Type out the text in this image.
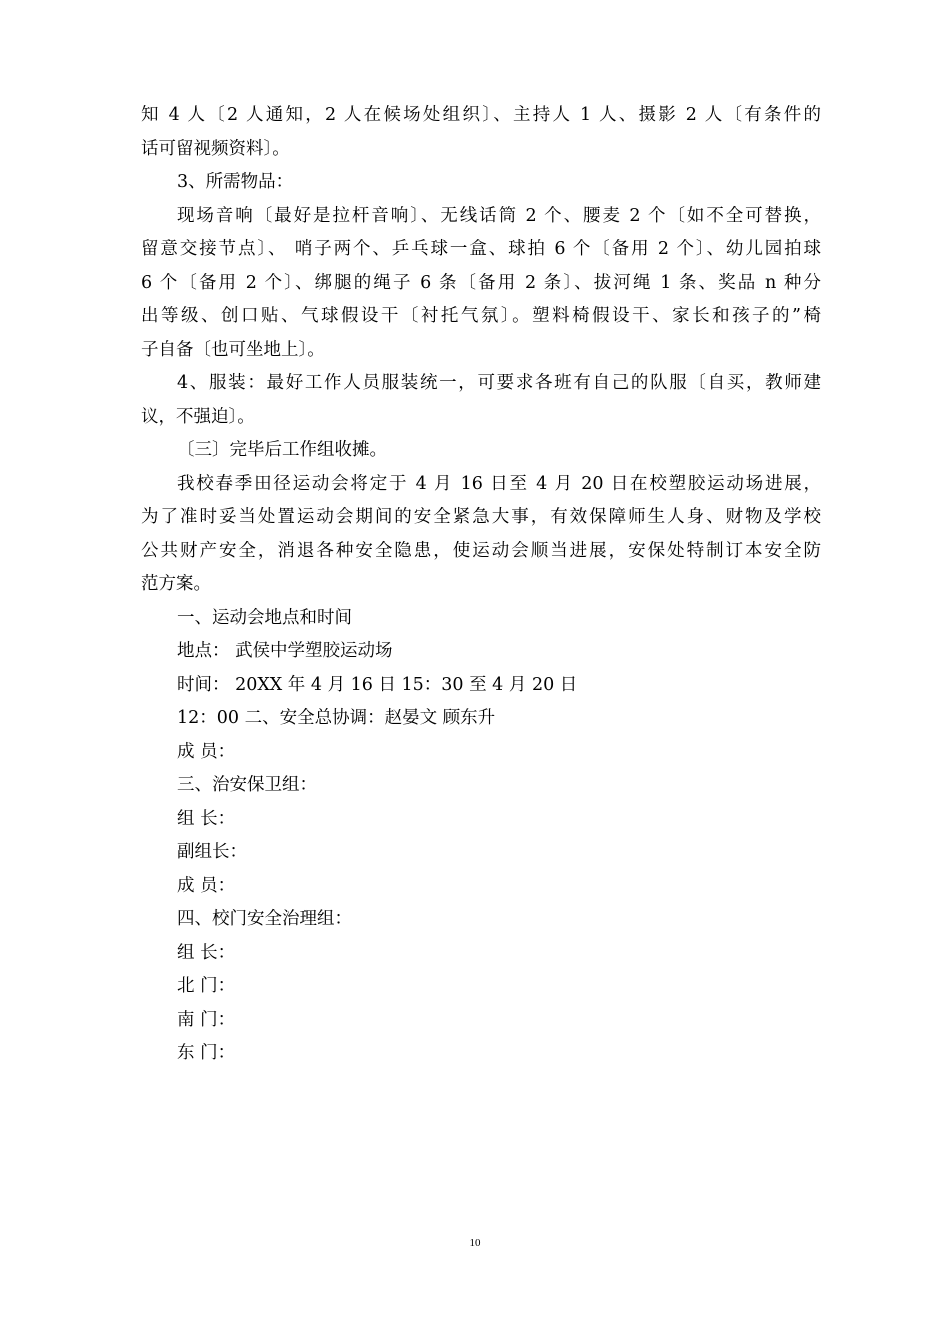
知 4 人〔2 人通知，2 人在候场处组织〕、主持人 1 人、摄影 2 人〔有条件的
话可留视频资料〕。
3、所需物品：
现场音响〔最好是拉杆音响〕、无线话筒 2 个、腰麦 2 个〔如不全可替换，
留意交接节点〕、 哨子两个、乒乓球一盒、球拍 6 个〔备用 2 个〕、幼儿园拍球
6 个〔备用 2 个〕、绑腿的绳子 6 条〔备用 2 条〕、拔河绳 1 条、奖品 n 种分
出等级、创口贴、气球假设干〔衬托气氛〕。塑料椅假设干、家长和孩子的”椅
子自备〔也可坐地上〕。
4、服装：最好工作人员服装统一，可要求各班有自己的队服〔自买，教师建
议，不强迫〕。
〔三〕完毕后工作组收摊。
我校春季田径运动会将定于 4 月 16 日至 4 月 20 日在校塑胶运动场进展，
为了准时妥当处置运动会期间的安全紧急大事，有效保障师生人身、财物及学校
公共财产安全，消退各种安全隐患，使运动会顺当进展，安保处特制订本安全防
范方案。
一、运动会地点和时间
地点： 武侯中学塑胶运动场
时间： 20XX 年 4 月 16 日 15：30 至 4 月 20 日
12：00 二、安全总协调：赵晏文 顾东升
成 员：
三、治安保卫组：
组 长：
副组长：
成 员：
四、校门安全治理组：
组 长：
北 门：
南 门：
东 门：
10
